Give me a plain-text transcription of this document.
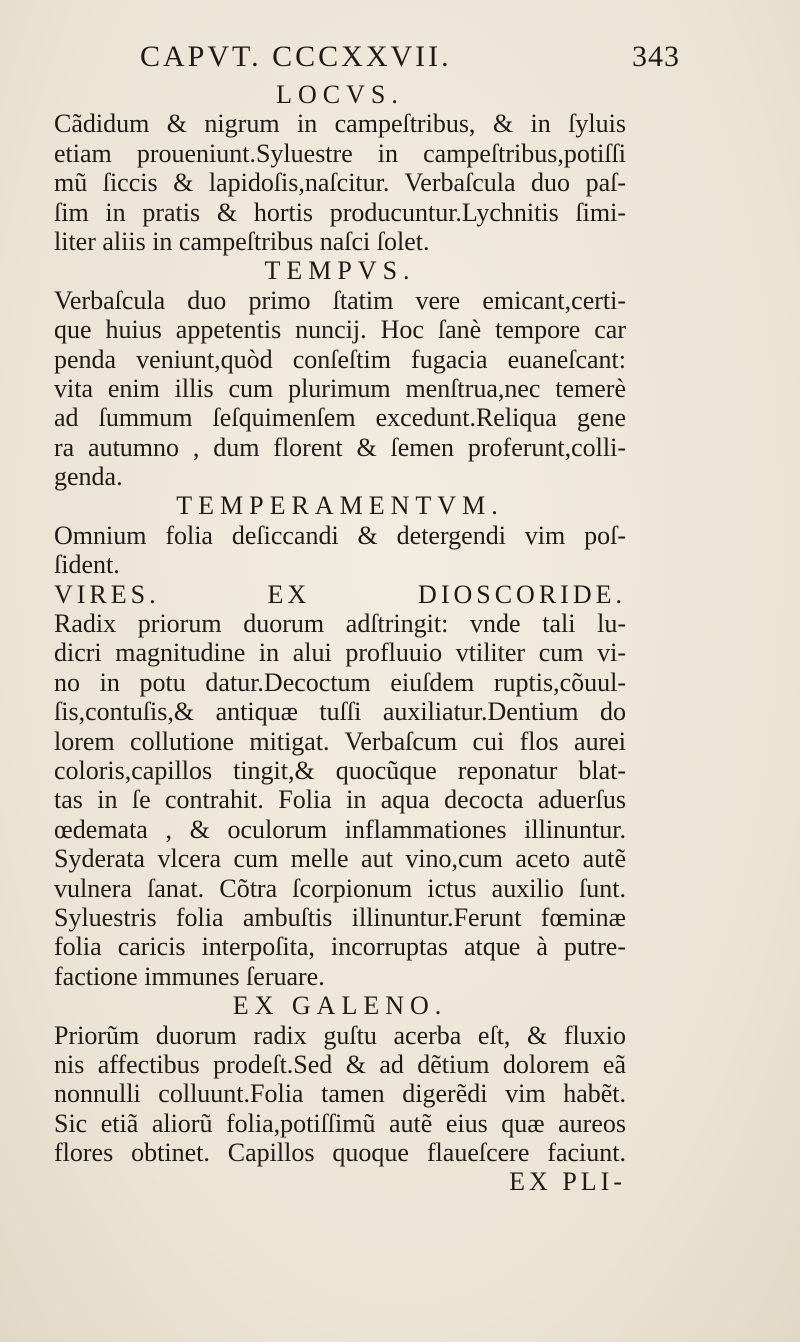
CAPVT. CCCXXVII.	343
LOCVS.
Cãdidum & nigrum in campeſtribus, & in ſyluis
etiam proueniunt.Syluestre in campeſtribus,potiſſi
mũ ſiccis & lapidoſis,naſcitur. Verbaſcula duo paſ-
ſim in pratis & hortis producuntur.Lychnitis ſimi-
liter aliis in campeſtribus naſci ſolet.
TEMPVS.
Verbaſcula duo primo ſtatim vere emicant,certi-
que huius appetentis nuncij. Hoc ſanè tempore car
penda veniunt,quòd conſeſtim fugacia euaneſcant:
vita enim illis cum plurimum menſtrua,nec temerè
ad ſummum ſeſquimenſem excedunt.Reliqua gene
ra autumno , dum florent & ſemen proferunt,colli-
genda.
TEMPERAMENTVM.
Omnium folia deſiccandi & detergendi vim poſ-
ſident.
VIRES. EX DIOSCORIDE.
Radix priorum duorum adſtringit: vnde tali lu-
dicri magnitudine in alui profluuio vtiliter cum vi-
no in potu datur.Decoctum eiuſdem ruptis,cõuul-
ſis,contuſis,& antiquæ tuſſi auxiliatur.Dentium do
lorem collutione mitigat. Verbaſcum cui flos aurei
coloris,capillos tingit,& quocũque reponatur blat-
tas in ſe contrahit. Folia in aqua decocta aduerſus
œdemata , & oculorum inflammationes illinuntur.
Syderata vlcera cum melle aut vino,cum aceto autẽ
vulnera ſanat. Cõtra ſcorpionum ictus auxilio ſunt.
Syluestris folia ambuſtis illinuntur.Ferunt fœminæ
folia caricis interpoſita, incorruptas atque à putre-
factione immunes ſeruare.
EX GALENO.
Priorũm duorum radix guſtu acerba eſt, & fluxio
nis affectibus prodeſt.Sed & ad dẽtium dolorem eã
nonnulli colluunt.Folia tamen digerẽdi vim habẽt.
Sic etiã aliorũ folia,potiſſimũ autẽ eius quæ aureos
flores obtinet. Capillos quoque flaueſcere faciunt.
EX PLI-
